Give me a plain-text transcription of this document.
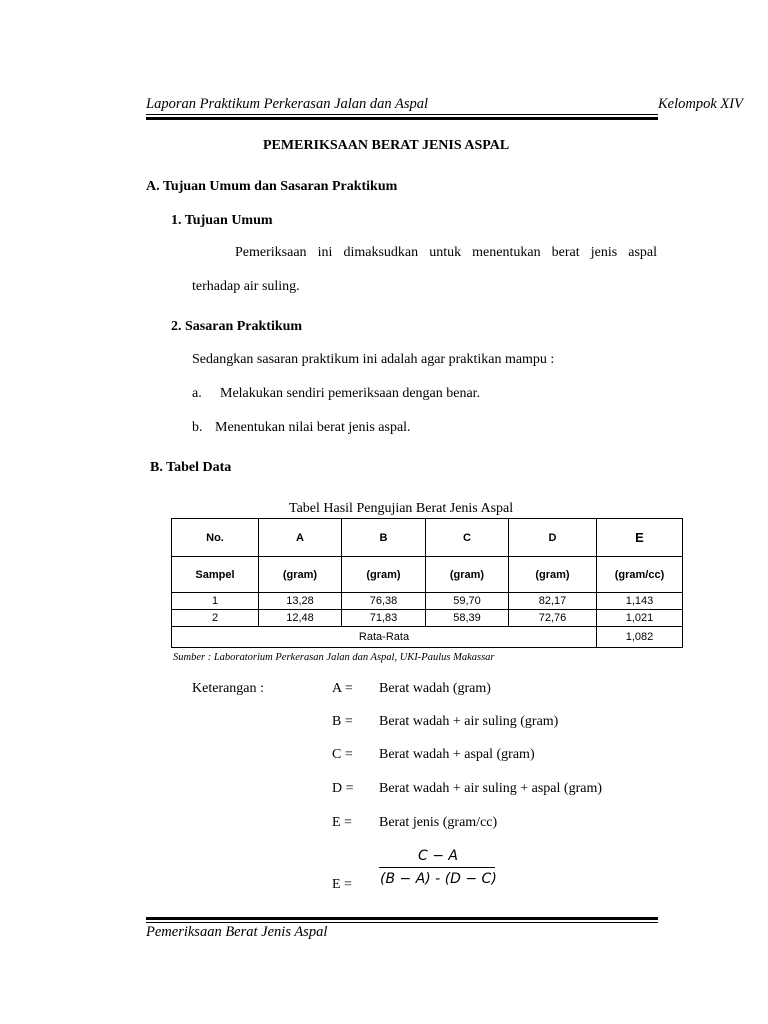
Laporan Praktikum Perkerasan Jalan dan Aspal	Kelompok XIV
PEMERIKSAAN BERAT JENIS ASPAL
A. Tujuan Umum dan Sasaran Praktikum
1. Tujuan Umum
Pemeriksaan ini dimaksudkan untuk menentukan berat jenis aspal
terhadap air suling.
2. Sasaran Praktikum
Sedangkan sasaran praktikum ini adalah agar praktikan mampu :
a. Melakukan sendiri pemeriksaan dengan benar.
b. Menentukan nilai berat jenis aspal.
B. Tabel Data
Tabel Hasil Pengujian Berat Jenis Aspal
No.	A	B	C	D	E
Sampel	(gram)	(gram)	(gram)	(gram)	(gram/cc)
1	13,28	76,38	59,70	82,17	1,143
2	12,48	71,83	58,39	72,76	1,021
Rata-Rata					1,082
Sumber : Laboratorium Perkerasan Jalan dan Aspal, UKI-Paulus Makassar
Keterangan :	A = Berat wadah (gram)
B = Berat wadah + air suling (gram)
C = Berat wadah + aspal (gram)
D = Berat wadah + air suling + aspal (gram)
E = Berat jenis (gram/cc)
C − A
(B − A) - (D − C)
E =
Pemeriksaan Berat Jenis Aspal
